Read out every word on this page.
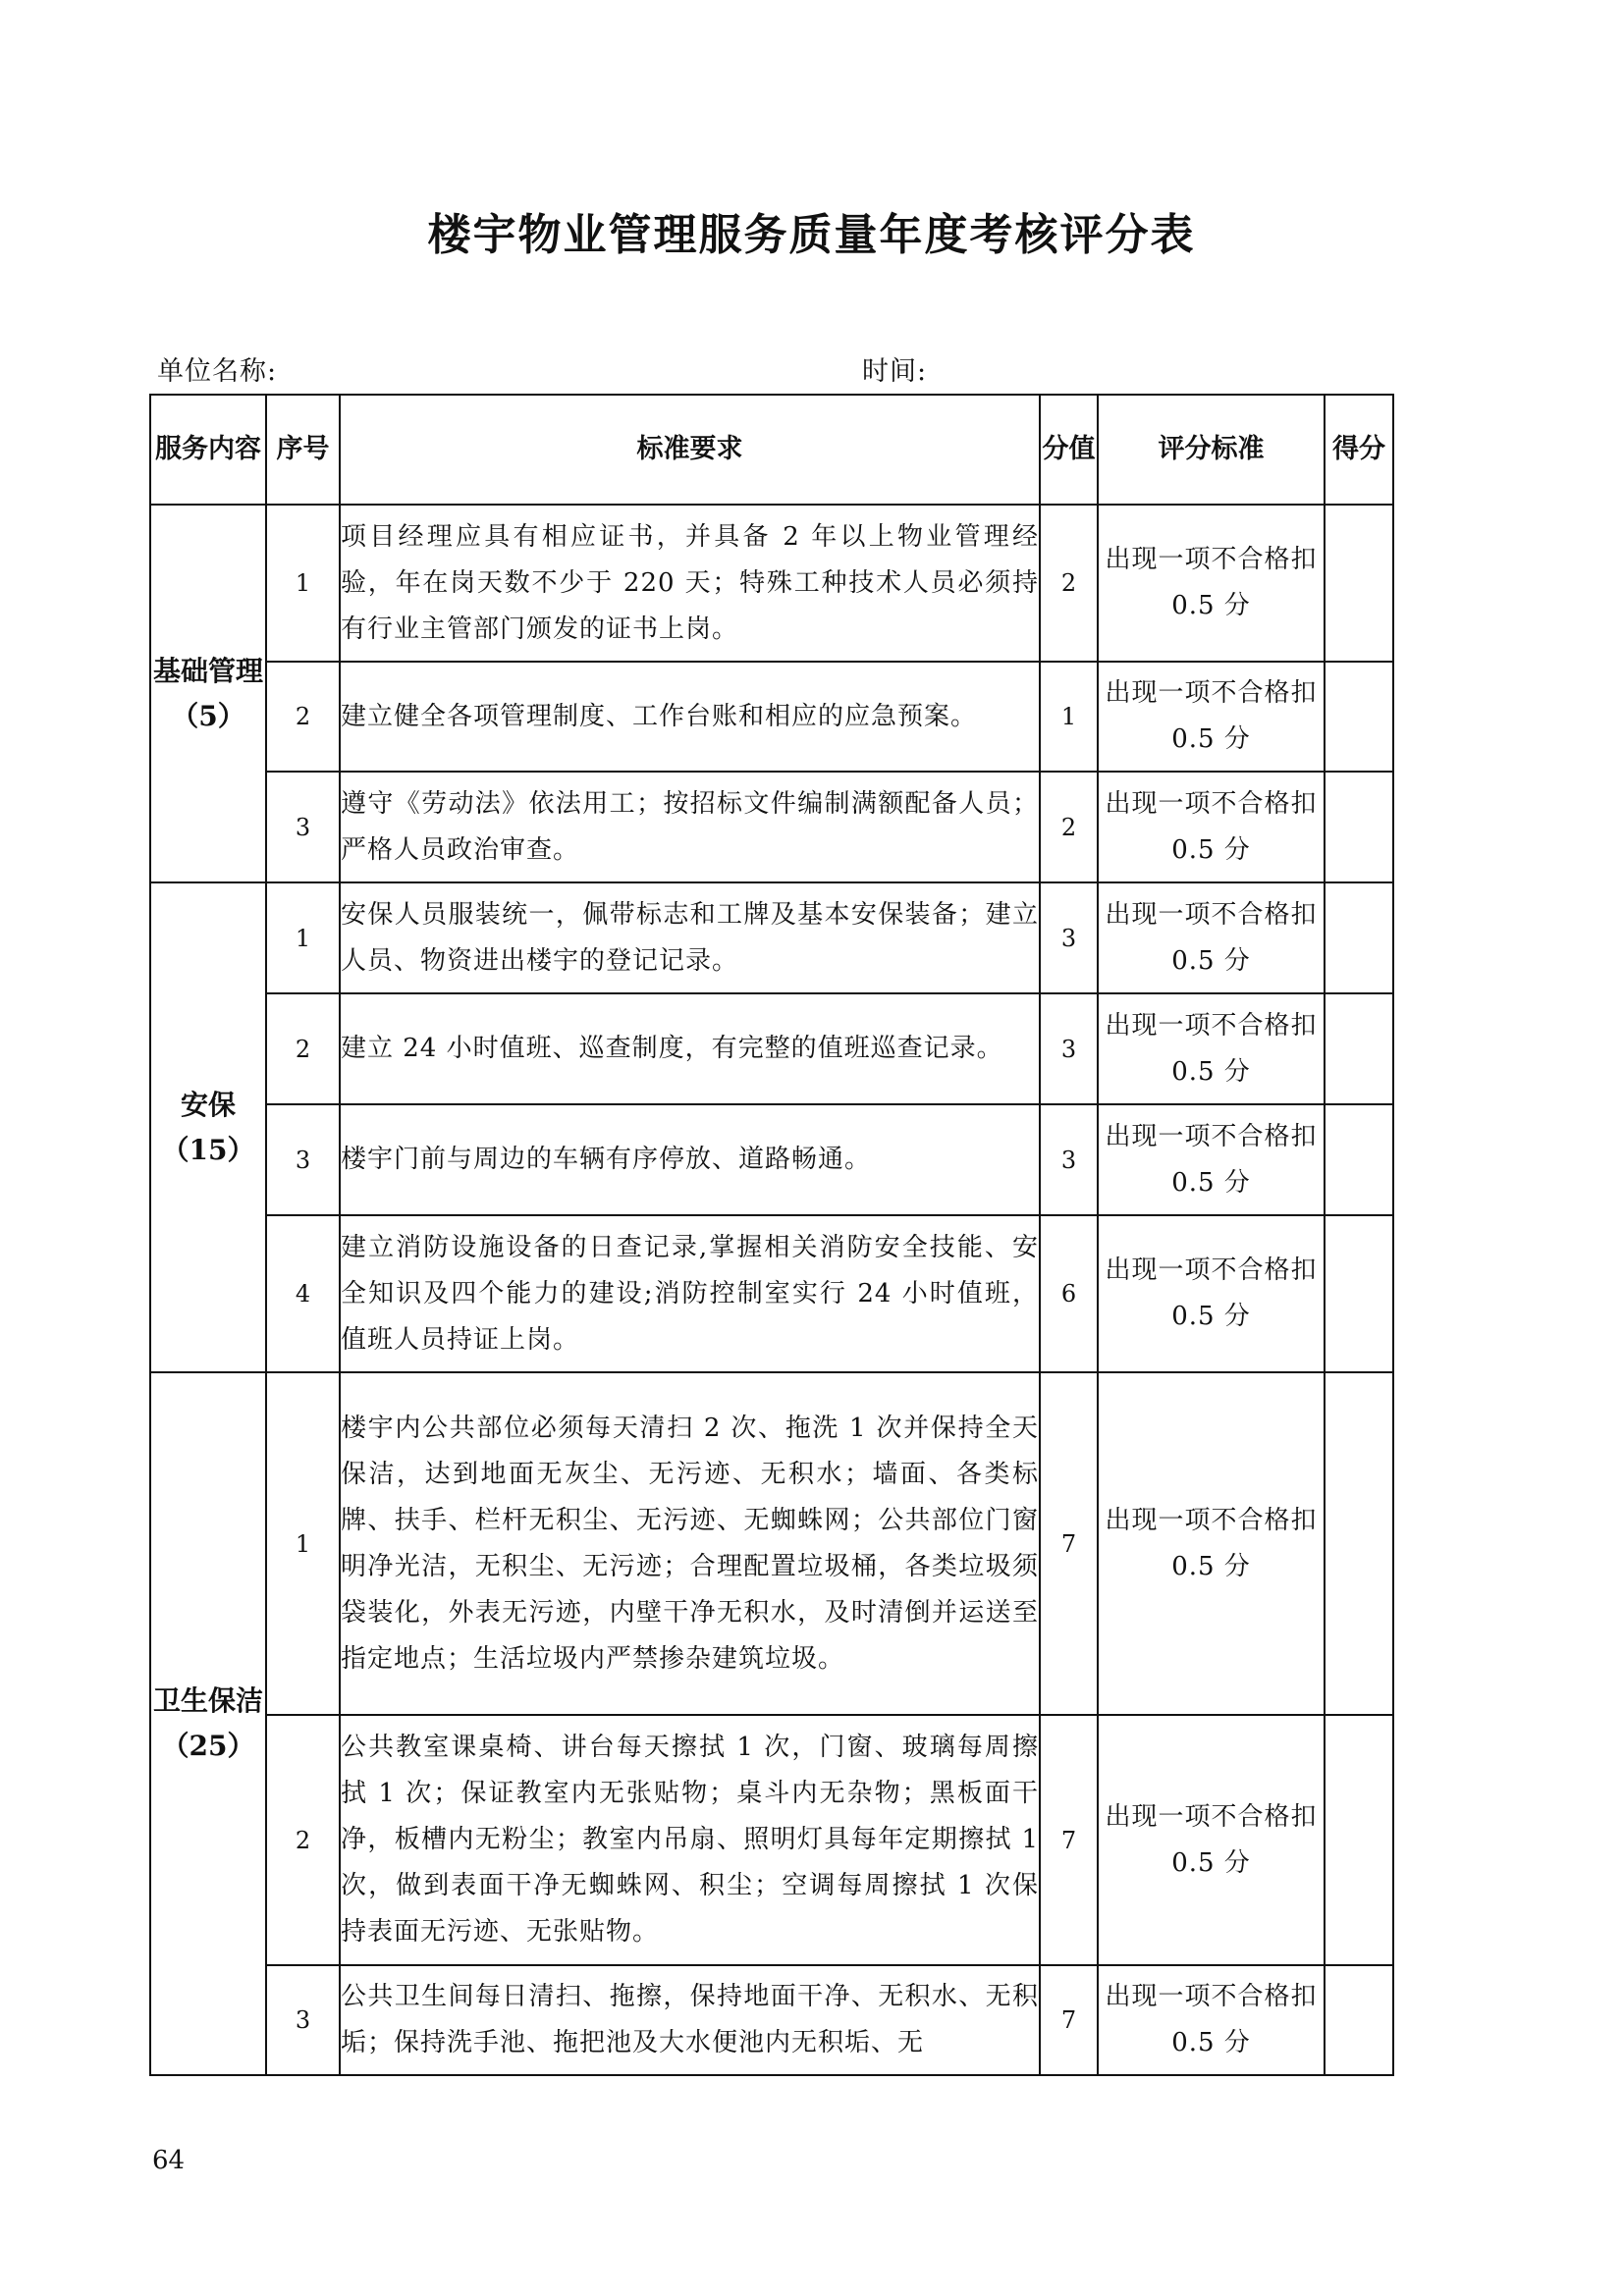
楼宇物业管理服务质量年度考核评分表
单位名称:	时间:
服务内容	序号	标准要求	分值	评分标准	得分
基础管理（5）	1	项目经理应具有相应证书，并具备 2 年以上物业管理经验，年在岗天数不少于 220 天；特殊工种技术人员必须持有行业主管部门颁发的证书上岗。	2	出现一项不合格扣 0.5 分	
	2	建立健全各项管理制度、工作台账和相应的应急预案。	1	出现一项不合格扣 0.5 分	
	3	遵守《劳动法》依法用工；按招标文件编制满额配备人员；严格人员政治审查。	2	出现一项不合格扣 0.5 分	
安保（15）	1	安保人员服装统一，佩带标志和工牌及基本安保装备；建立人员、物资进出楼宇的登记记录。	3	出现一项不合格扣 0.5 分	
	2	建立 24 小时值班、巡查制度，有完整的值班巡查记录。	3	出现一项不合格扣 0.5 分	
	3	楼宇门前与周边的车辆有序停放、道路畅通。	3	出现一项不合格扣 0.5 分	
	4	建立消防设施设备的日查记录,掌握相关消防安全技能、安全知识及四个能力的建设;消防控制室实行 24 小时值班，值班人员持证上岗。	6	出现一项不合格扣 0.5 分	
卫生保洁（25）	1	楼宇内公共部位必须每天清扫 2 次、拖洗 1 次并保持全天保洁，达到地面无灰尘、无污迹、无积水；墙面、各类标牌、扶手、栏杆无积尘、无污迹、无蜘蛛网；公共部位门窗明净光洁，无积尘、无污迹；合理配置垃圾桶，各类垃圾须袋装化，外表无污迹，内壁干净无积水，及时清倒并运送至指定地点；生活垃圾内严禁掺杂建筑垃圾。	7	出现一项不合格扣 0.5 分	
	2	公共教室课桌椅、讲台每天擦拭 1 次，门窗、玻璃每周擦拭 1 次；保证教室内无张贴物；桌斗内无杂物；黑板面干净，板槽内无粉尘；教室内吊扇、照明灯具每年定期擦拭 1 次，做到表面干净无蜘蛛网、积尘；空调每周擦拭 1 次保持表面无污迹、无张贴物。	7	出现一项不合格扣 0.5 分	
	3	公共卫生间每日清扫、拖擦，保持地面干净、无积水、无积垢；保持洗手池、拖把池及大水便池内无积垢、无	7	出现一项不合格扣 0.5 分	
64
